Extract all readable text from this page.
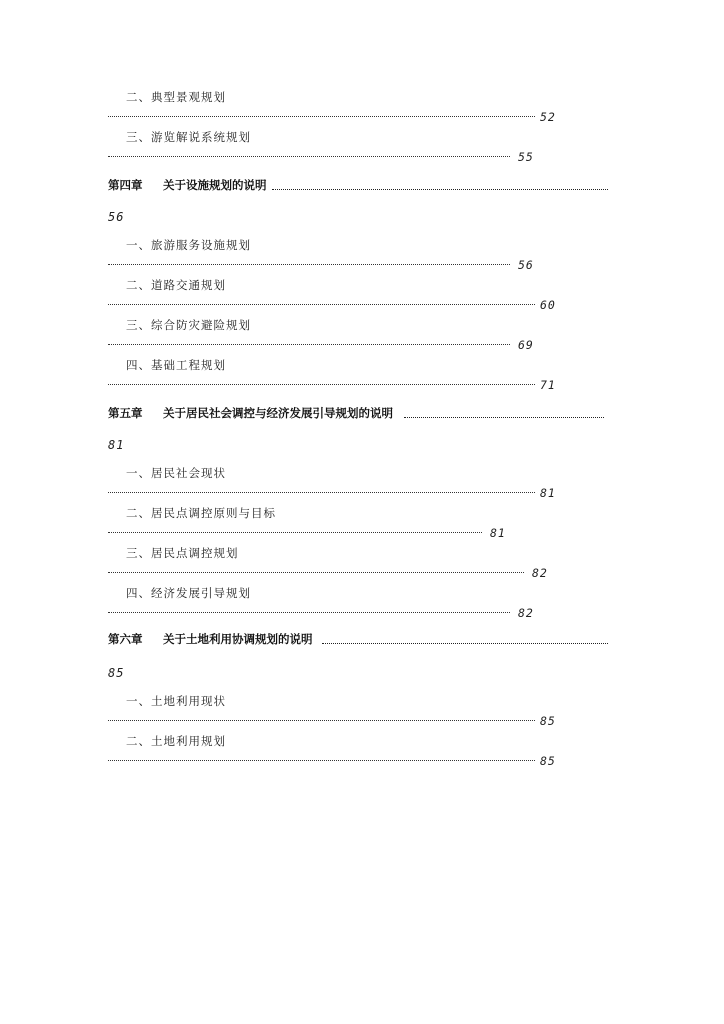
二、典型景观规划
52
三、游览解说系统规划
55
第四章 关于设施规划的说明
56
一、旅游服务设施规划
56
二、道路交通规划
60
三、综合防灾避险规划
69
四、基础工程规划
71
第五章 关于居民社会调控与经济发展引导规划的说明
81
一、居民社会现状
81
二、居民点调控原则与目标
81
三、居民点调控规划
82
四、经济发展引导规划
82
第六章 关于土地利用协调规划的说明
85
一、土地利用现状
85
二、土地利用规划
85
